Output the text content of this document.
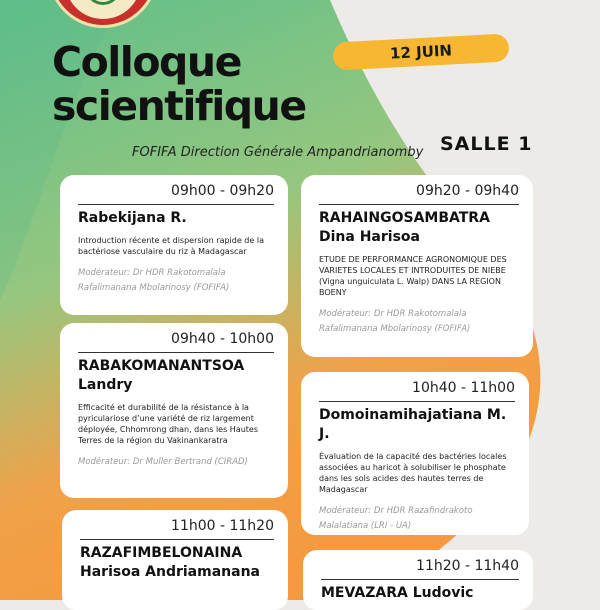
Colloque
scientifique
12 JUIN
SALLE 1
FOFIFA Direction Générale Ampandrianomby
09h00 - 09h20
Rabekijana R.
Introduction récente et dispersion rapide de la bactériose vasculaire du riz à Madagascar
Modérateur: Dr HDR Rakotomalala
Rafalimanana Mbolarinosy (FOFIFA)
09h20 - 09h40
RAHAINGOSAMBATRA
Dina Harisoa
ETUDE DE PERFORMANCE AGRONOMIQUE DES VARIETES LOCALES ET INTRODUITES DE NIEBE (Vigna unguiculata L. Walp) DANS LA REGION BOENY
Modérateur: Dr HDR Rakotomalala
Rafalimanana Mbolarinosy (FOFIFA)
09h40 - 10h00
RABAKOMANANTSOA
Landry
Efficacité et durabilité de la résistance à la pyriculariose d’une variété de riz largement déployée, Chhomrong dhan, dans les Hautes Terres de la région du Vakinankaratra
Modérateur: Dr Muller Bertrand (CIRAD)
10h40 - 11h00
Domoinamihajatiana M. J.
Évaluation de la capacité des bactéries locales associées au haricot à solubiliser le phosphate dans les sols acides des hautes terres de Madagascar
Modérateur: Dr HDR Razafindrakoto
Malalatiana (LRI - UA)
11h00 - 11h20
RAZAFIMBELONAINA
Harisoa Andriamanana	11h20 - 11h40
MEVAZARA Ludovic
